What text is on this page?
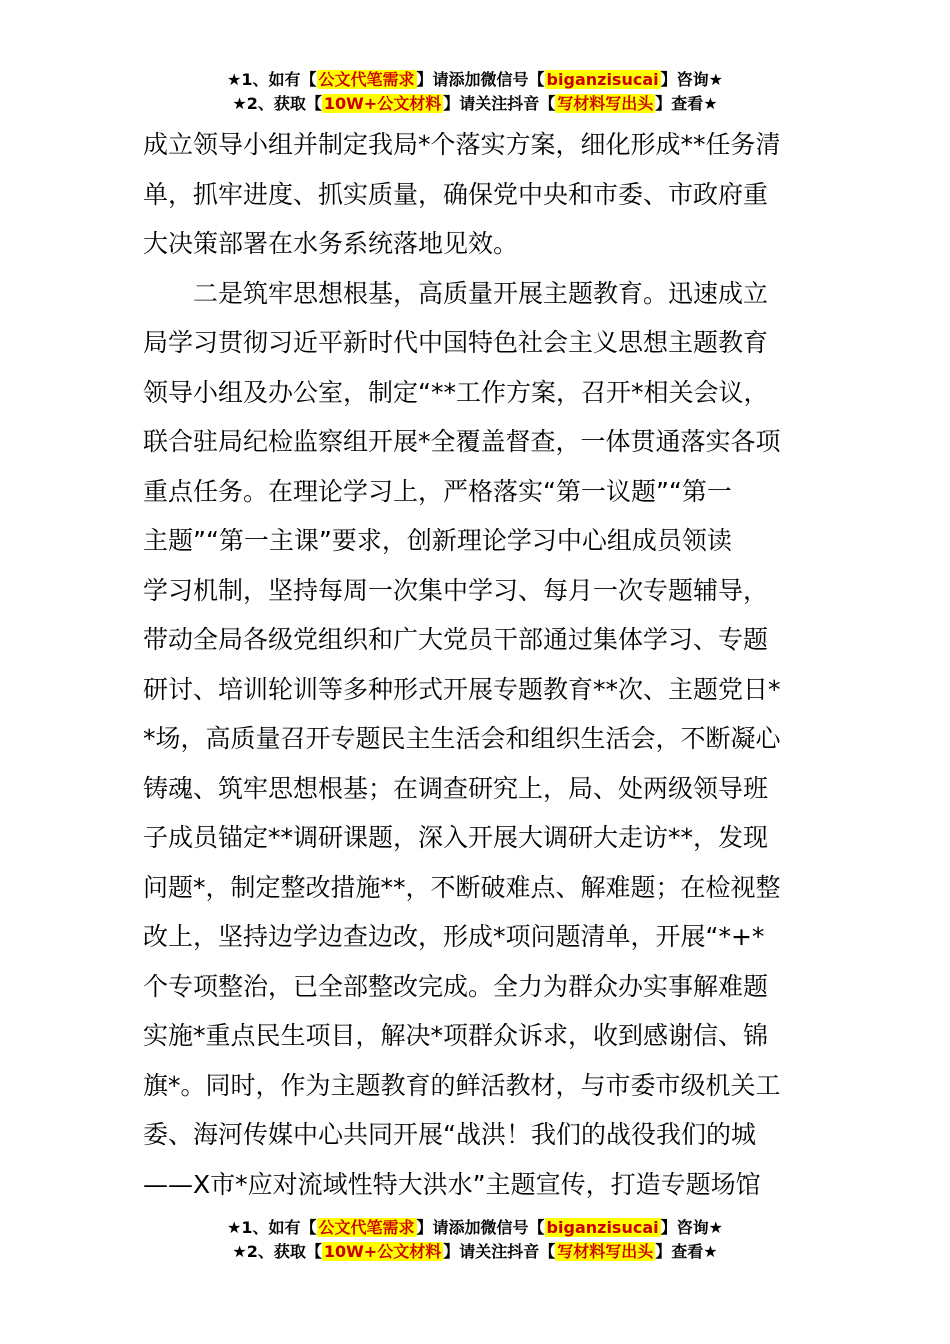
★1、如有【 公文代笔需求 】请添加微信号【 biganzisucai 】咨询★
★2、获取【 10W+公文材料 】请关注抖音【 写材料写出头 】查看★
成立领导小组并制定我局*个落实方案，细化形成**任务清
单，抓牢进度、抓实质量，确保党中央和市委、市政府重
大决策部署在水务系统落地见效。
　　二是筑牢思想根基，高质量开展主题教育。迅速成立
局学习贯彻习近平新时代中国特色社会主义思想主题教育
领导小组及办公室，制定“**工作方案，召开*相关会议，
联合驻局纪检监察组开展*全覆盖督查，一体贯通落实各项
重点任务。在理论学习上，严格落实“第一议题”“第一
主题”“第一主课”要求，创新理论学习中心组成员领读
学习机制，坚持每周一次集中学习、每月一次专题辅导，
带动全局各级党组织和广大党员干部通过集体学习、专题
研讨、培训轮训等多种形式开展专题教育**次、主题党日*
*场，高质量召开专题民主生活会和组织生活会，不断凝心
铸魂、筑牢思想根基；在调查研究上，局、处两级领导班
子成员锚定**调研课题，深入开展大调研大走访**，发现
问题*，制定整改措施**，不断破难点、解难题；在检视整
改上，坚持边学边查边改，形成*项问题清单，开展“*+*
个专项整治，已全部整改完成。全力为群众办实事解难题
实施*重点民生项目，解决*项群众诉求，收到感谢信、锦
旗*。同时，作为主题教育的鲜活教材，与市委市级机关工
委、海河传媒中心共同开展“战洪！我们的战役我们的城
——X市*应对流域性特大洪水”主题宣传，打造专题场馆
★1、如有【 公文代笔需求 】请添加微信号【 biganzisucai 】咨询★
★2、获取【 10W+公文材料 】请关注抖音【 写材料写出头 】查看★
